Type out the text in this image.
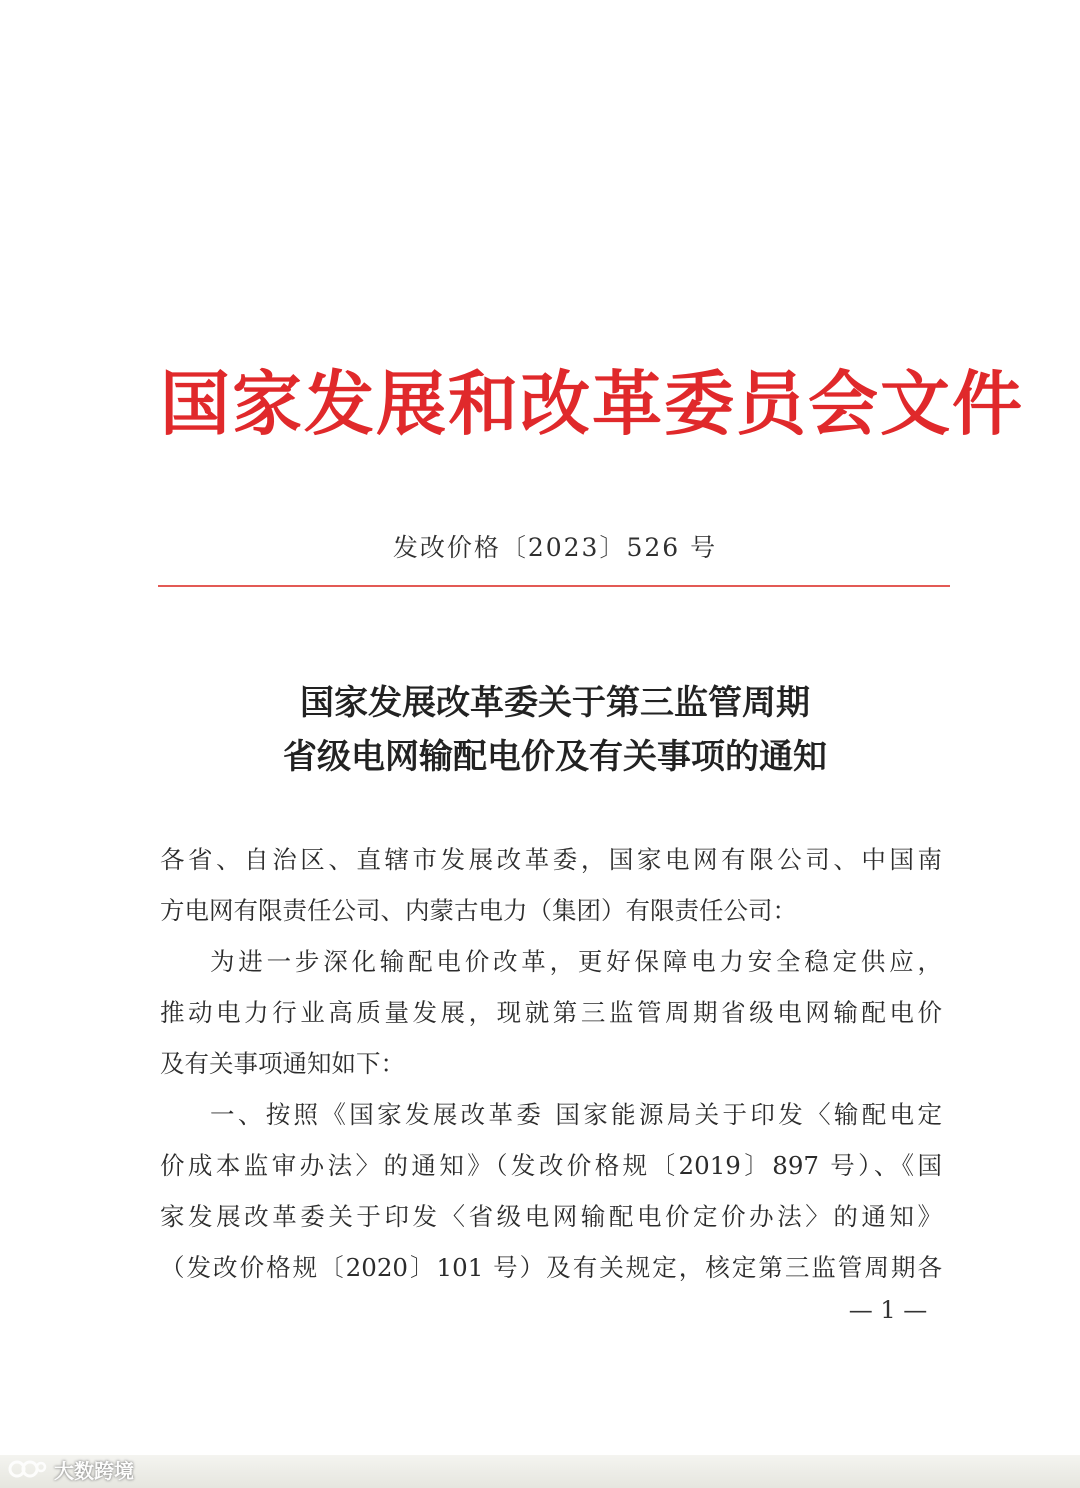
国家发展和改革委员会文件
发改价格〔2023〕526 号
国家发展改革委关于第三监管周期
省级电网输配电价及有关事项的通知
各省、自治区、直辖市发展改革委，国家电网有限公司、中国南
方电网有限责任公司、内蒙古电力（集团）有限责任公司：
为进一步深化输配电价改革，更好保障电力安全稳定供应，
推动电力行业高质量发展，现就第三监管周期省级电网输配电价
及有关事项通知如下：
一、按照《国家发展改革委 国家能源局关于印发〈输配电定
价成本监审办法〉的通知》（发改价格规〔2019〕897 号）、《国
家发展改革委关于印发〈省级电网输配电价定价办法〉的通知》
（发改价格规〔2020〕101 号）及有关规定，核定第三监管周期各
— 1 —
大数跨境
